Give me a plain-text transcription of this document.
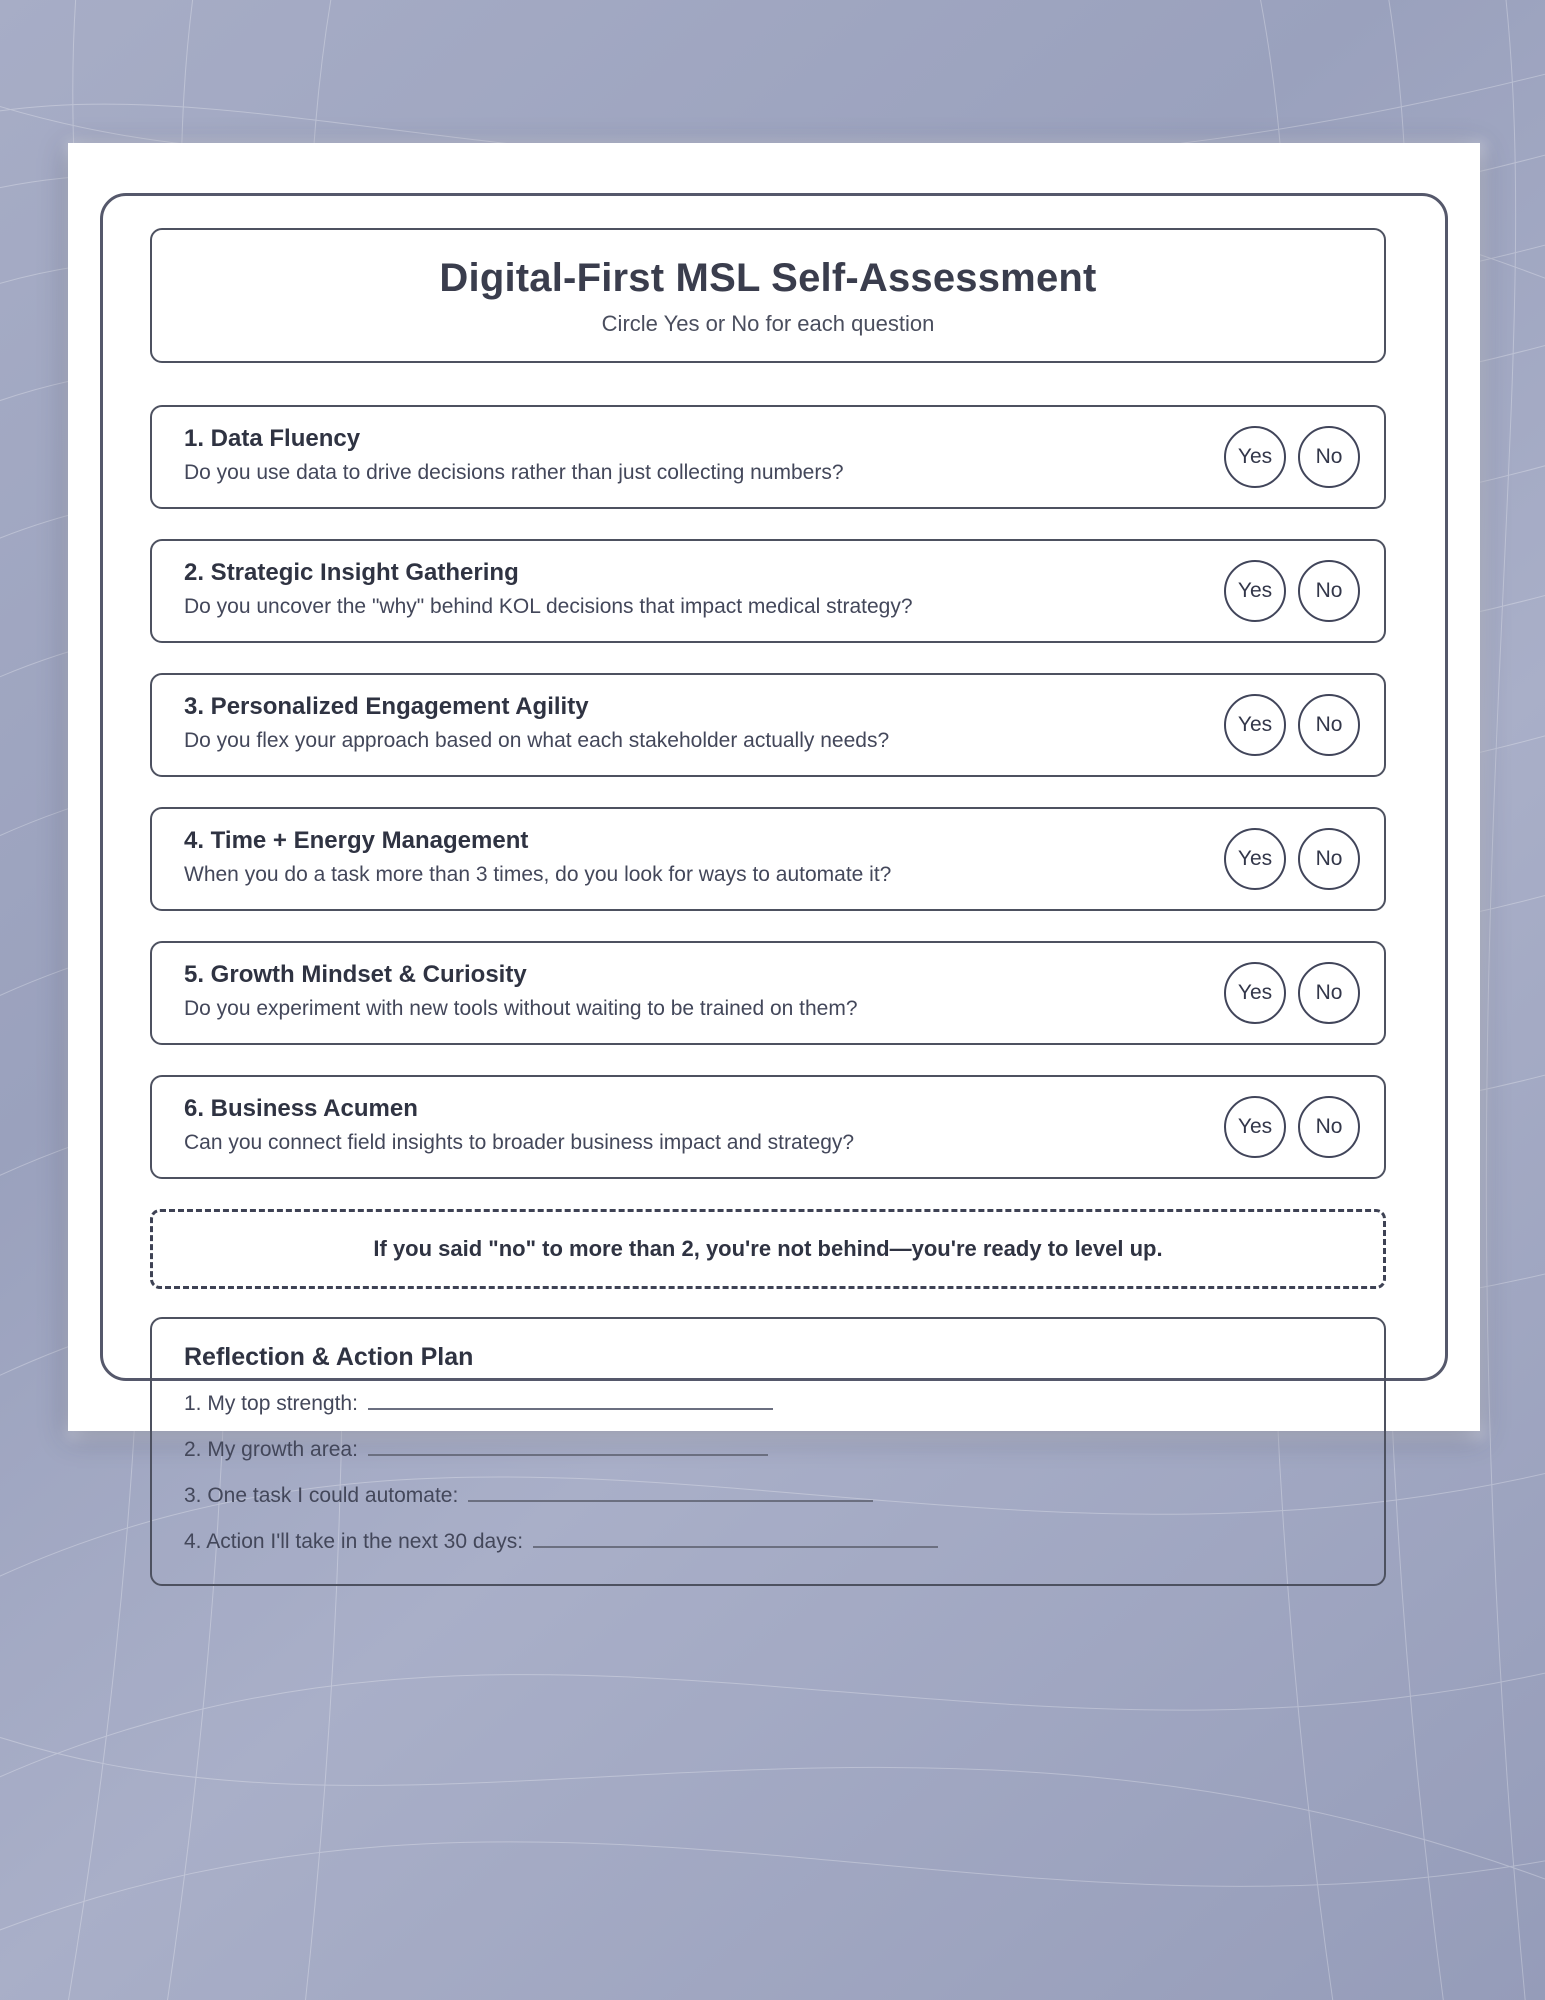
Digital-First MSL Self-Assessment

Circle Yes or No for each question

1. Data Fluency

Do you use data to drive decisions rather than just collecting numbers?

Yes	No

2. Strategic Insight Gathering

Do you uncover the "why" behind KOL decisions that impact medical strategy?

Yes	No

3. Personalized Engagement Agility

Do you flex your approach based on what each stakeholder actually needs?

Yes	No

4. Time + Energy Management

When you do a task more than 3 times, do you look for ways to automate it?

Yes	No

5. Growth Mindset & Curiosity

Do you experiment with new tools without waiting to be trained on them?

Yes	No

6. Business Acumen

Can you connect field insights to broader business impact and strategy?

Yes	No
If you said "no" to more than 2, you're not behind—you're ready to level up.

Reflection & Action Plan

1. My top strength:

2. My growth area:

3. One task I could automate:

4. Action I'll take in the next 30 days:
